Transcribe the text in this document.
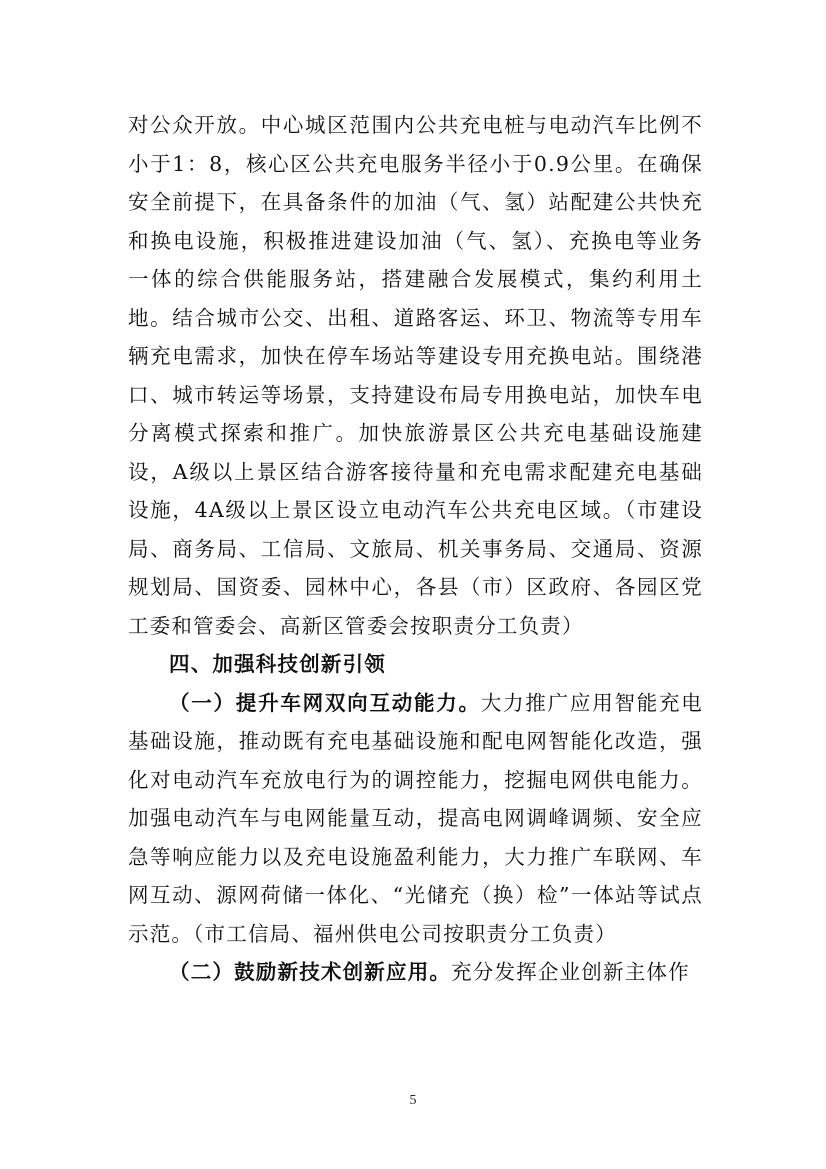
对公众开放。中心城区范围内公共充电桩与电动汽车比例不小于1：8，核心区公共充电服务半径小于0.9公里。在确保安全前提下，在具备条件的加油（气、氢）站配建公共快充和换电设施，积极推进建设加油（气、氢）、充换电等业务一体的综合供能服务站，搭建融合发展模式，集约利用土地。结合城市公交、出租、道路客运、环卫、物流等专用车辆充电需求，加快在停车场站等建设专用充换电站。围绕港口、城市转运等场景，支持建设布局专用换电站，加快车电分离模式探索和推广。加快旅游景区公共充电基础设施建设，A级以上景区结合游客接待量和充电需求配建充电基础设施，4A级以上景区设立电动汽车公共充电区域。（市建设局、商务局、工信局、文旅局、机关事务局、交通局、资源规划局、国资委、园林中心，各县（市）区政府、各园区党工委和管委会、高新区管委会按职责分工负责）

四、加强科技创新引领

（一）提升车网双向互动能力。大力推广应用智能充电基础设施，推动既有充电基础设施和配电网智能化改造，强化对电动汽车充放电行为的调控能力，挖掘电网供电能力。加强电动汽车与电网能量互动，提高电网调峰调频、安全应急等响应能力以及充电设施盈利能力，大力推广车联网、车网互动、源网荷储一体化、“光储充（换）检”一体站等试点示范。（市工信局、福州供电公司按职责分工负责）

（二）鼓励新技术创新应用。充分发挥企业创新主体作

5
